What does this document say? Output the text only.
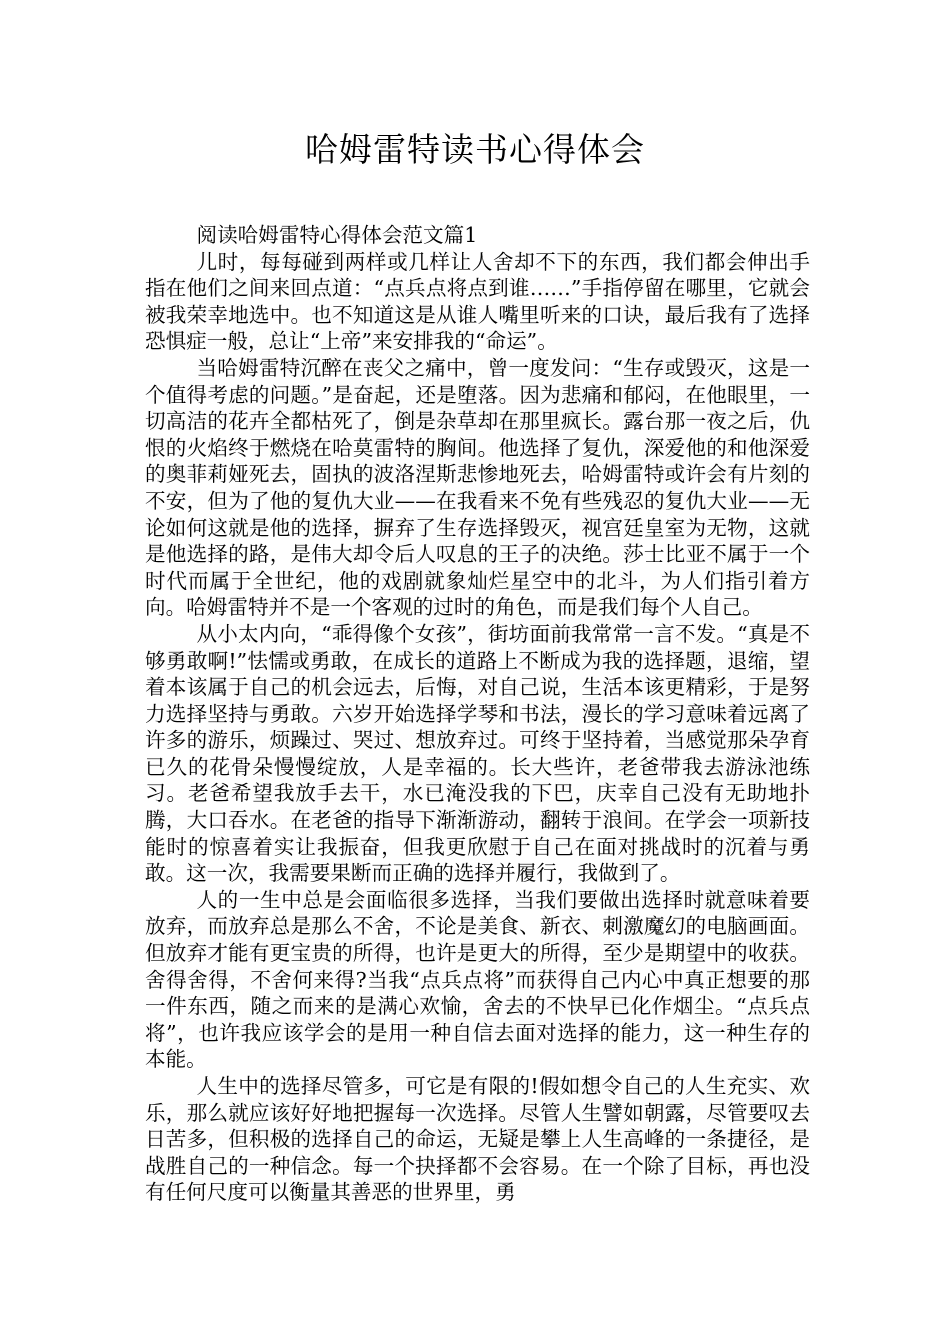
哈姆雷特读书心得体会

阅读哈姆雷特心得体会范文篇1

儿时，每每碰到两样或几样让人舍却不下的东西，我们都会伸出手指在他们之间来回点道：“点兵点将点到谁……”手指停留在哪里，它就会被我荣幸地选中。也不知道这是从谁人嘴里听来的口诀，最后我有了选择恐惧症一般，总让“上帝”来安排我的“命运”。

当哈姆雷特沉醉在丧父之痛中，曾一度发问：“生存或毁灭，这是一个值得考虑的问题。”是奋起，还是堕落。因为悲痛和郁闷，在他眼里，一切高洁的花卉全都枯死了，倒是杂草却在那里疯长。露台那一夜之后，仇恨的火焰终于燃烧在哈莫雷特的胸间。他选择了复仇，深爱他的和他深爱的奥菲莉娅死去，固执的波洛涅斯悲惨地死去，哈姆雷特或许会有片刻的不安，但为了他的复仇大业——在我看来不免有些残忍的复仇大业——无论如何这就是他的选择，摒弃了生存选择毁灭，视宫廷皇室为无物，这就是他选择的路，是伟大却令后人叹息的王子的决绝。莎士比亚不属于一个时代而属于全世纪，他的戏剧就象灿烂星空中的北斗，为人们指引着方向。哈姆雷特并不是一个客观的过时的角色，而是我们每个人自己。

从小太内向，“乖得像个女孩”，街坊面前我常常一言不发。“真是不够勇敢啊!”怯懦或勇敢，在成长的道路上不断成为我的选择题，退缩，望着本该属于自己的机会远去，后悔，对自己说，生活本该更精彩，于是努力选择坚持与勇敢。六岁开始选择学琴和书法，漫长的学习意味着远离了许多的游乐，烦躁过、哭过、想放弃过。可终于坚持着，当感觉那朵孕育已久的花骨朵慢慢绽放，人是幸福的。长大些许，老爸带我去游泳池练习。老爸希望我放手去干，水已淹没我的下巴，庆幸自己没有无助地扑腾，大口吞水。在老爸的指导下渐渐游动，翻转于浪间。在学会一项新技能时的惊喜着实让我振奋，但我更欣慰于自己在面对挑战时的沉着与勇敢。这一次，我需要果断而正确的选择并履行，我做到了。

人的一生中总是会面临很多选择，当我们要做出选择时就意味着要放弃，而放弃总是那么不舍，不论是美食、新衣、刺激魔幻的电脑画面。但放弃才能有更宝贵的所得，也许是更大的所得，至少是期望中的收获。舍得舍得，不舍何来得?当我“点兵点将”而获得自己内心中真正想要的那一件东西，随之而来的是满心欢愉，舍去的不快早已化作烟尘。“点兵点将”，也许我应该学会的是用一种自信去面对选择的能力，这一种生存的本能。

人生中的选择尽管多，可它是有限的!假如想令自己的人生充实、欢乐，那么就应该好好地把握每一次选择。尽管人生譬如朝露，尽管要叹去日苦多，但积极的选择自己的命运，无疑是攀上人生高峰的一条捷径，是战胜自己的一种信念。每一个抉择都不会容易。在一个除了目标，再也没有任何尺度可以衡量其善恶的世界里，勇
